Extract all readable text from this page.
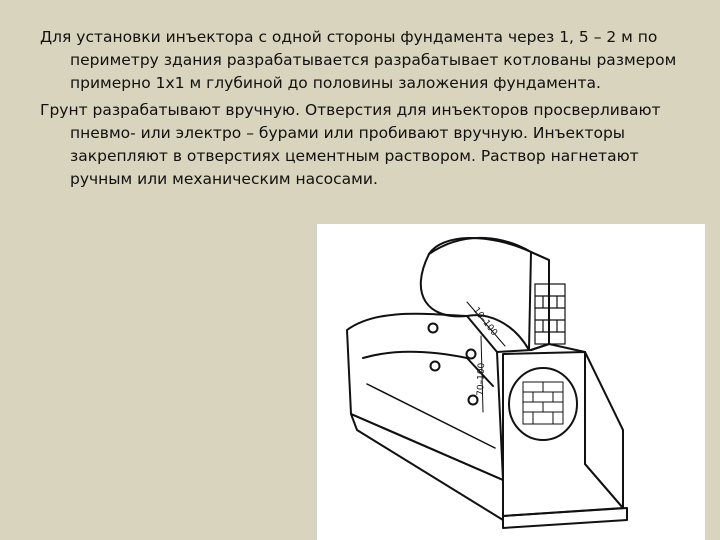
Для установки инъектора с одной стороны фундамента через 1, 5 – 2 м по периметру здания разрабатывается разрабатывает котлованы размером примерно 1х1 м глубиной до половины заложения фундамента.

Грунт разрабатывают вручную. Отверстия для инъекторов просверливают пневмо- или электро – бурами или пробивают вручную. Инъекторы закрепляют в отверстиях цементным раствором. Раствор нагнетают ручным или механическим насосами.

10–100
70–100
